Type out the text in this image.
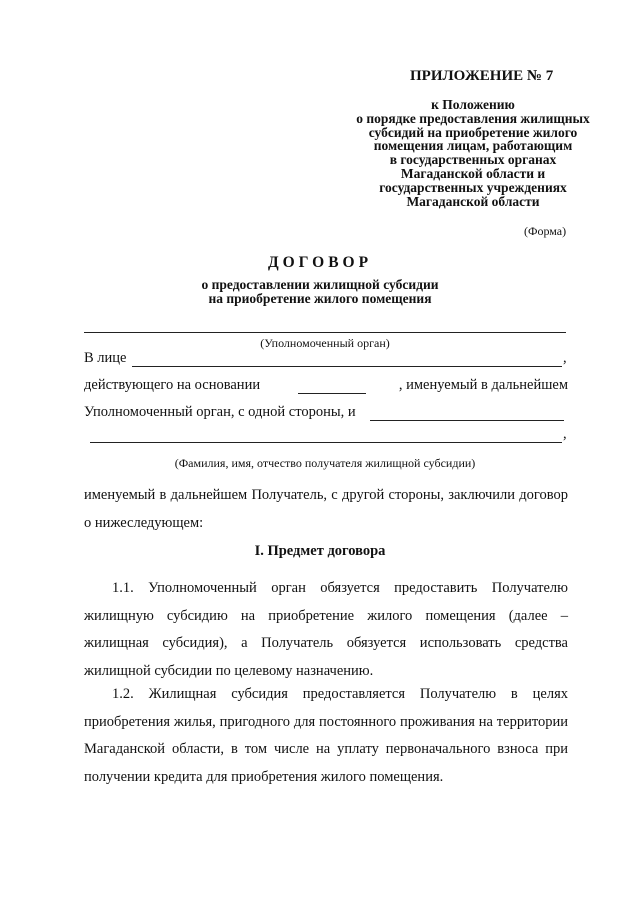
ПРИЛОЖЕНИЕ № 7
к Положению
о порядке предоставления жилищных
субсидий на приобретение жилого
помещения лицам, работающим
в государственных органах
Магаданской области и
государственных учреждениях
Магаданской области
(Форма)
ДОГОВОР
о предоставлении жилищной субсидии
на приобретение жилого помещения
(Уполномоченный орган)
В лице	,
действующего на основании	, именуемый в дальнейшем
Уполномоченный орган, с одной стороны, и
,
(Фамилия, имя, отчество получателя жилищной субсидии)
именуемый в дальнейшем Получатель, с другой стороны, заключили договор о нижеследующем:
I. Предмет договора
1.1. Уполномоченный орган обязуется предоставить Получателю жилищную субсидию на приобретение жилого помещения (далее – жилищная субсидия), а Получатель обязуется использовать средства жилищной субсидии по целевому назначению.
1.2. Жилищная субсидия предоставляется Получателю в целях приобретения жилья, пригодного для постоянного проживания на территории Магаданской области, в том числе на уплату первоначального взноса при получении кредита для приобретения жилого помещения.
